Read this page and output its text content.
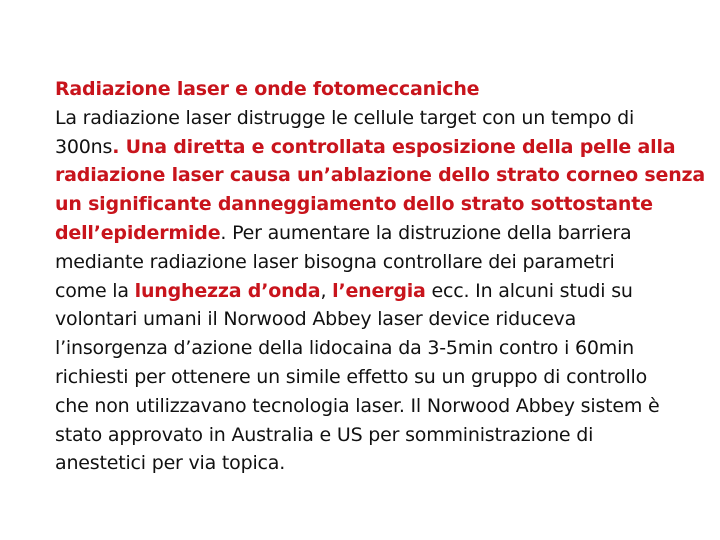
Radiazione laser e onde fotomeccaniche
La radiazione laser distrugge le cellule target con un tempo di
300ns. Una diretta e controllata esposizione della pelle alla
radiazione laser causa un’ablazione dello strato corneo senza
un significante danneggiamento dello strato sottostante
dell’epidermide. Per aumentare la distruzione della barriera
mediante radiazione laser bisogna controllare dei parametri
come la lunghezza d’onda, l’energia ecc. In alcuni studi su
volontari umani il Norwood Abbey laser device riduceva
l’insorgenza d’azione della lidocaina da 3-5min contro i 60min
richiesti per ottenere un simile effetto su un gruppo di controllo
che non utilizzavano tecnologia laser. Il Norwood Abbey sistem è
stato approvato in Australia e US per somministrazione di
anestetici per via topica.
